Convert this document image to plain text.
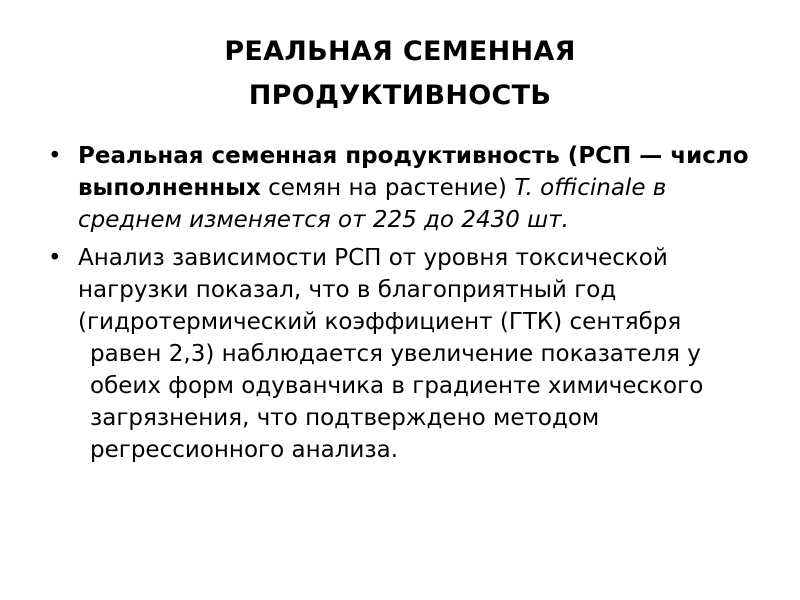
РЕАЛЬНАЯ СЕМЕННАЯ
ПРОДУКТИВНОСТЬ
• Реальная семенная продуктивность (РСП — число выполненных семян на растение) T. officinale в среднем изменяется от 225 до 2430 шт.
• Анализ зависимости РСП от уровня токсической нагрузки показал, что в благоприятный год (гидротермический коэффициент (ГТК) сентября
равен 2,3) наблюдается увеличение показателя у обеих форм одуванчика в градиенте химического загрязнения, что подтверждено методом регрессионного анализа.
